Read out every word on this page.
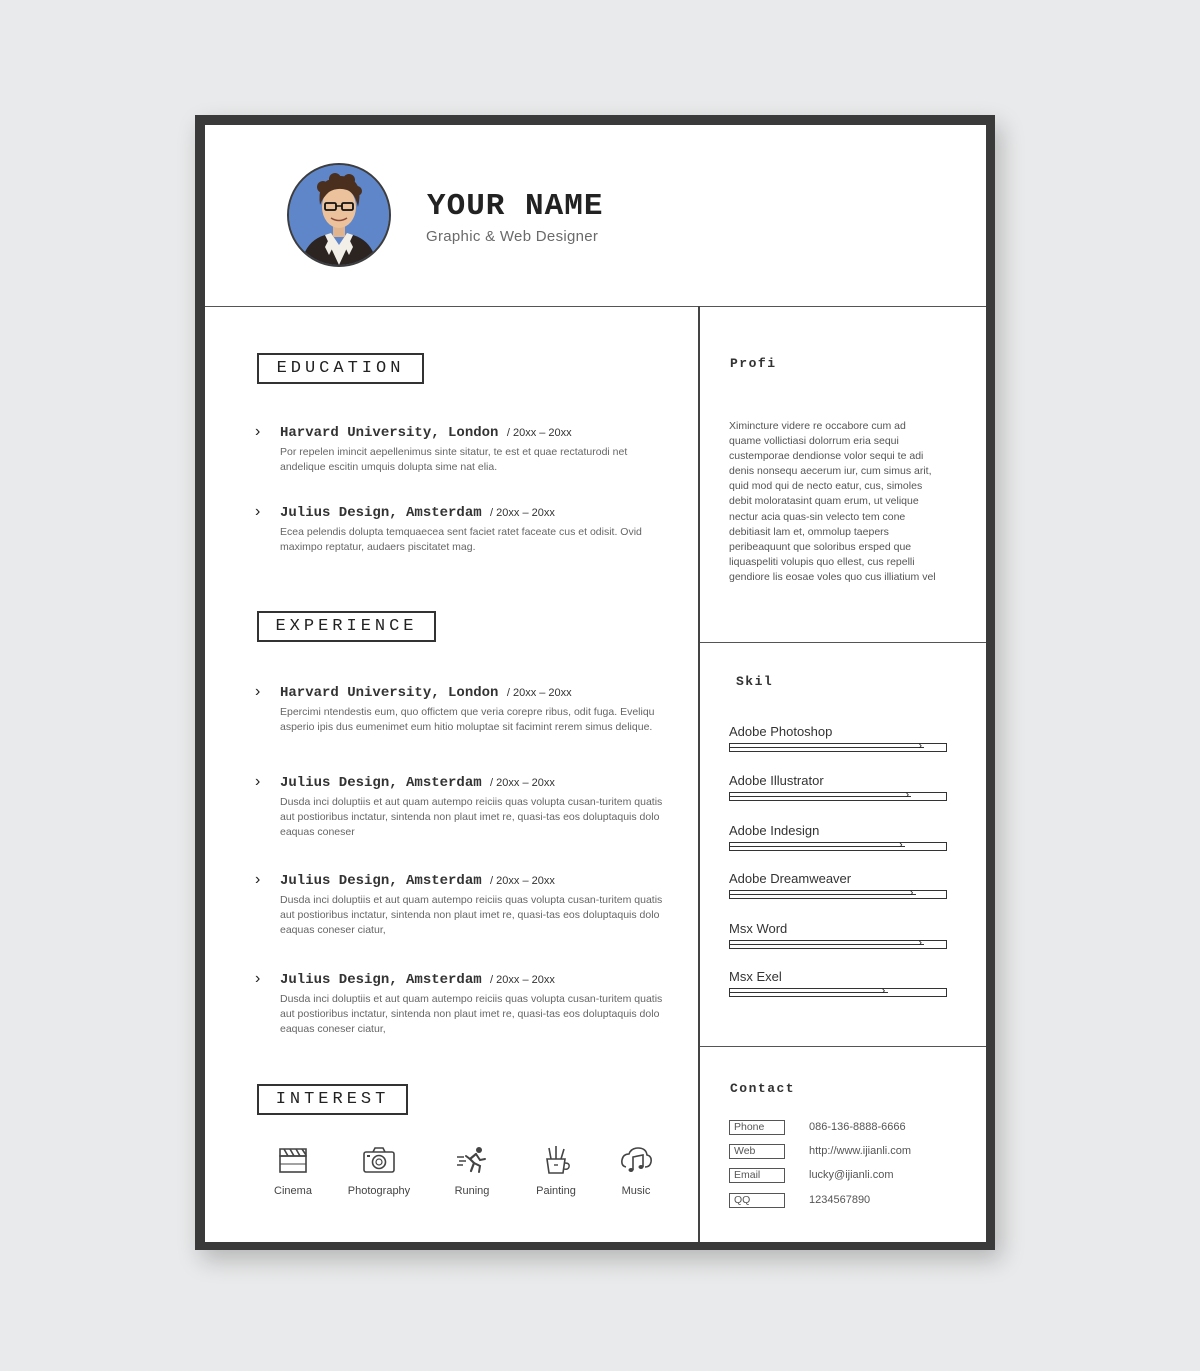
YOUR NAME
Graphic & Web Designer
EDUCATION
› Harvard University, London / 20xx – 20xx
Por repelen imincit aepellenimus sinte sitatur, te est et quae rectaturodi net andelique escitin umquis dolupta sime nat elia.
› Julius Design, Amsterdam / 20xx – 20xx
Ecea pelendis dolupta temquaecea sent faciet ratet faceate cus et odisit. Ovid maximpo reptatur, audaers piscitatet mag.
EXPERIENCE
› Harvard University, London / 20xx – 20xx
Epercimi ntendestis eum, quo offictem que veria corepre ribus, odit fuga. Eveliqu asperio ipis dus eumenimet eum hitio moluptae sit facimint rerem simus delique.
› Julius Design, Amsterdam / 20xx – 20xx
Dusda inci doluptiis et aut quam autempo reiciis quas volupta cusan-turitem quatis aut postioribus inctatur, sintenda non plaut imet re, quasi-tas eos doluptaquis dolo eaquas coneser
› Julius Design, Amsterdam / 20xx – 20xx
Dusda inci doluptiis et aut quam autempo reiciis quas volupta cusan-turitem quatis aut postioribus inctatur, sintenda non plaut imet re, quasi-tas eos doluptaquis dolo eaquas coneser ciatur,
› Julius Design, Amsterdam / 20xx – 20xx
Dusda inci doluptiis et aut quam autempo reiciis quas volupta cusan-turitem quatis aut postioribus inctatur, sintenda non plaut imet re, quasi-tas eos doluptaquis dolo eaquas coneser ciatur,
INTEREST
Cinema	Photography	Runing	Painting	Music
Profi
Ximincture videre re occabore cum ad quame vollictiasi dolorrum eria sequi custemporae dendionse volor sequi te adi denis nonsequ aecerum iur, cum simus arit, quid mod qui de necto eatur, cus, simoles debit moloratasint quam erum, ut velique nectur acia quas-sin velecto tem cone debitiasit lam et, ommolup taepers peribeaquunt que soloribus ersped que liquaspeliti volupis quo ellest, cus repelli gendiore lis eosae voles quo cus illiatium vel
Skil
Adobe Photoshop
›
Adobe Illustrator
›
Adobe Indesign
›
Adobe Dreamweaver
›
Msx Word
›
Msx Exel
›
Contact
Phone	086-136-8888-6666
Web	http://www.ijianli.com
Email	lucky@ijianli.com
QQ	1234567890
